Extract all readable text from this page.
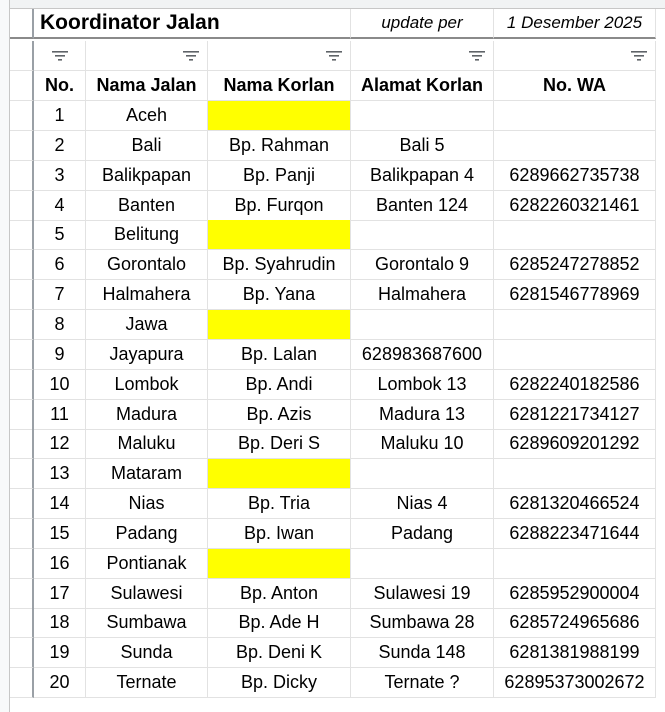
Koordinator Jalan	update per	1 Desember 2025
No.	Nama Jalan	Nama Korlan	Alamat Korlan	No. WA
1	Aceh
2	Bali	Bp. Rahman	Bali 5
3	Balikpapan	Bp. Panji	Balikpapan 4	6289662735738
4	Banten	Bp. Furqon	Banten 124	6282260321461
5	Belitung
6	Gorontalo	Bp. Syahrudin	Gorontalo 9	6285247278852
7	Halmahera	Bp. Yana	Halmahera	6281546778969
8	Jawa
9	Jayapura	Bp. Lalan	628983687600
10	Lombok	Bp. Andi	Lombok 13	6282240182586
11	Madura	Bp. Azis	Madura 13	6281221734127
12	Maluku	Bp. Deri S	Maluku 10	6289609201292
13	Mataram
14	Nias	Bp. Tria	Nias 4	6281320466524
15	Padang	Bp. Iwan	Padang	6288223471644
16	Pontianak
17	Sulawesi	Bp. Anton	Sulawesi 19	6285952900004
18	Sumbawa	Bp. Ade H	Sumbawa 28	6285724965686
19	Sunda	Bp. Deni K	Sunda 148	6281381988199
20	Ternate	Bp. Dicky	Ternate ?	62895373002672
